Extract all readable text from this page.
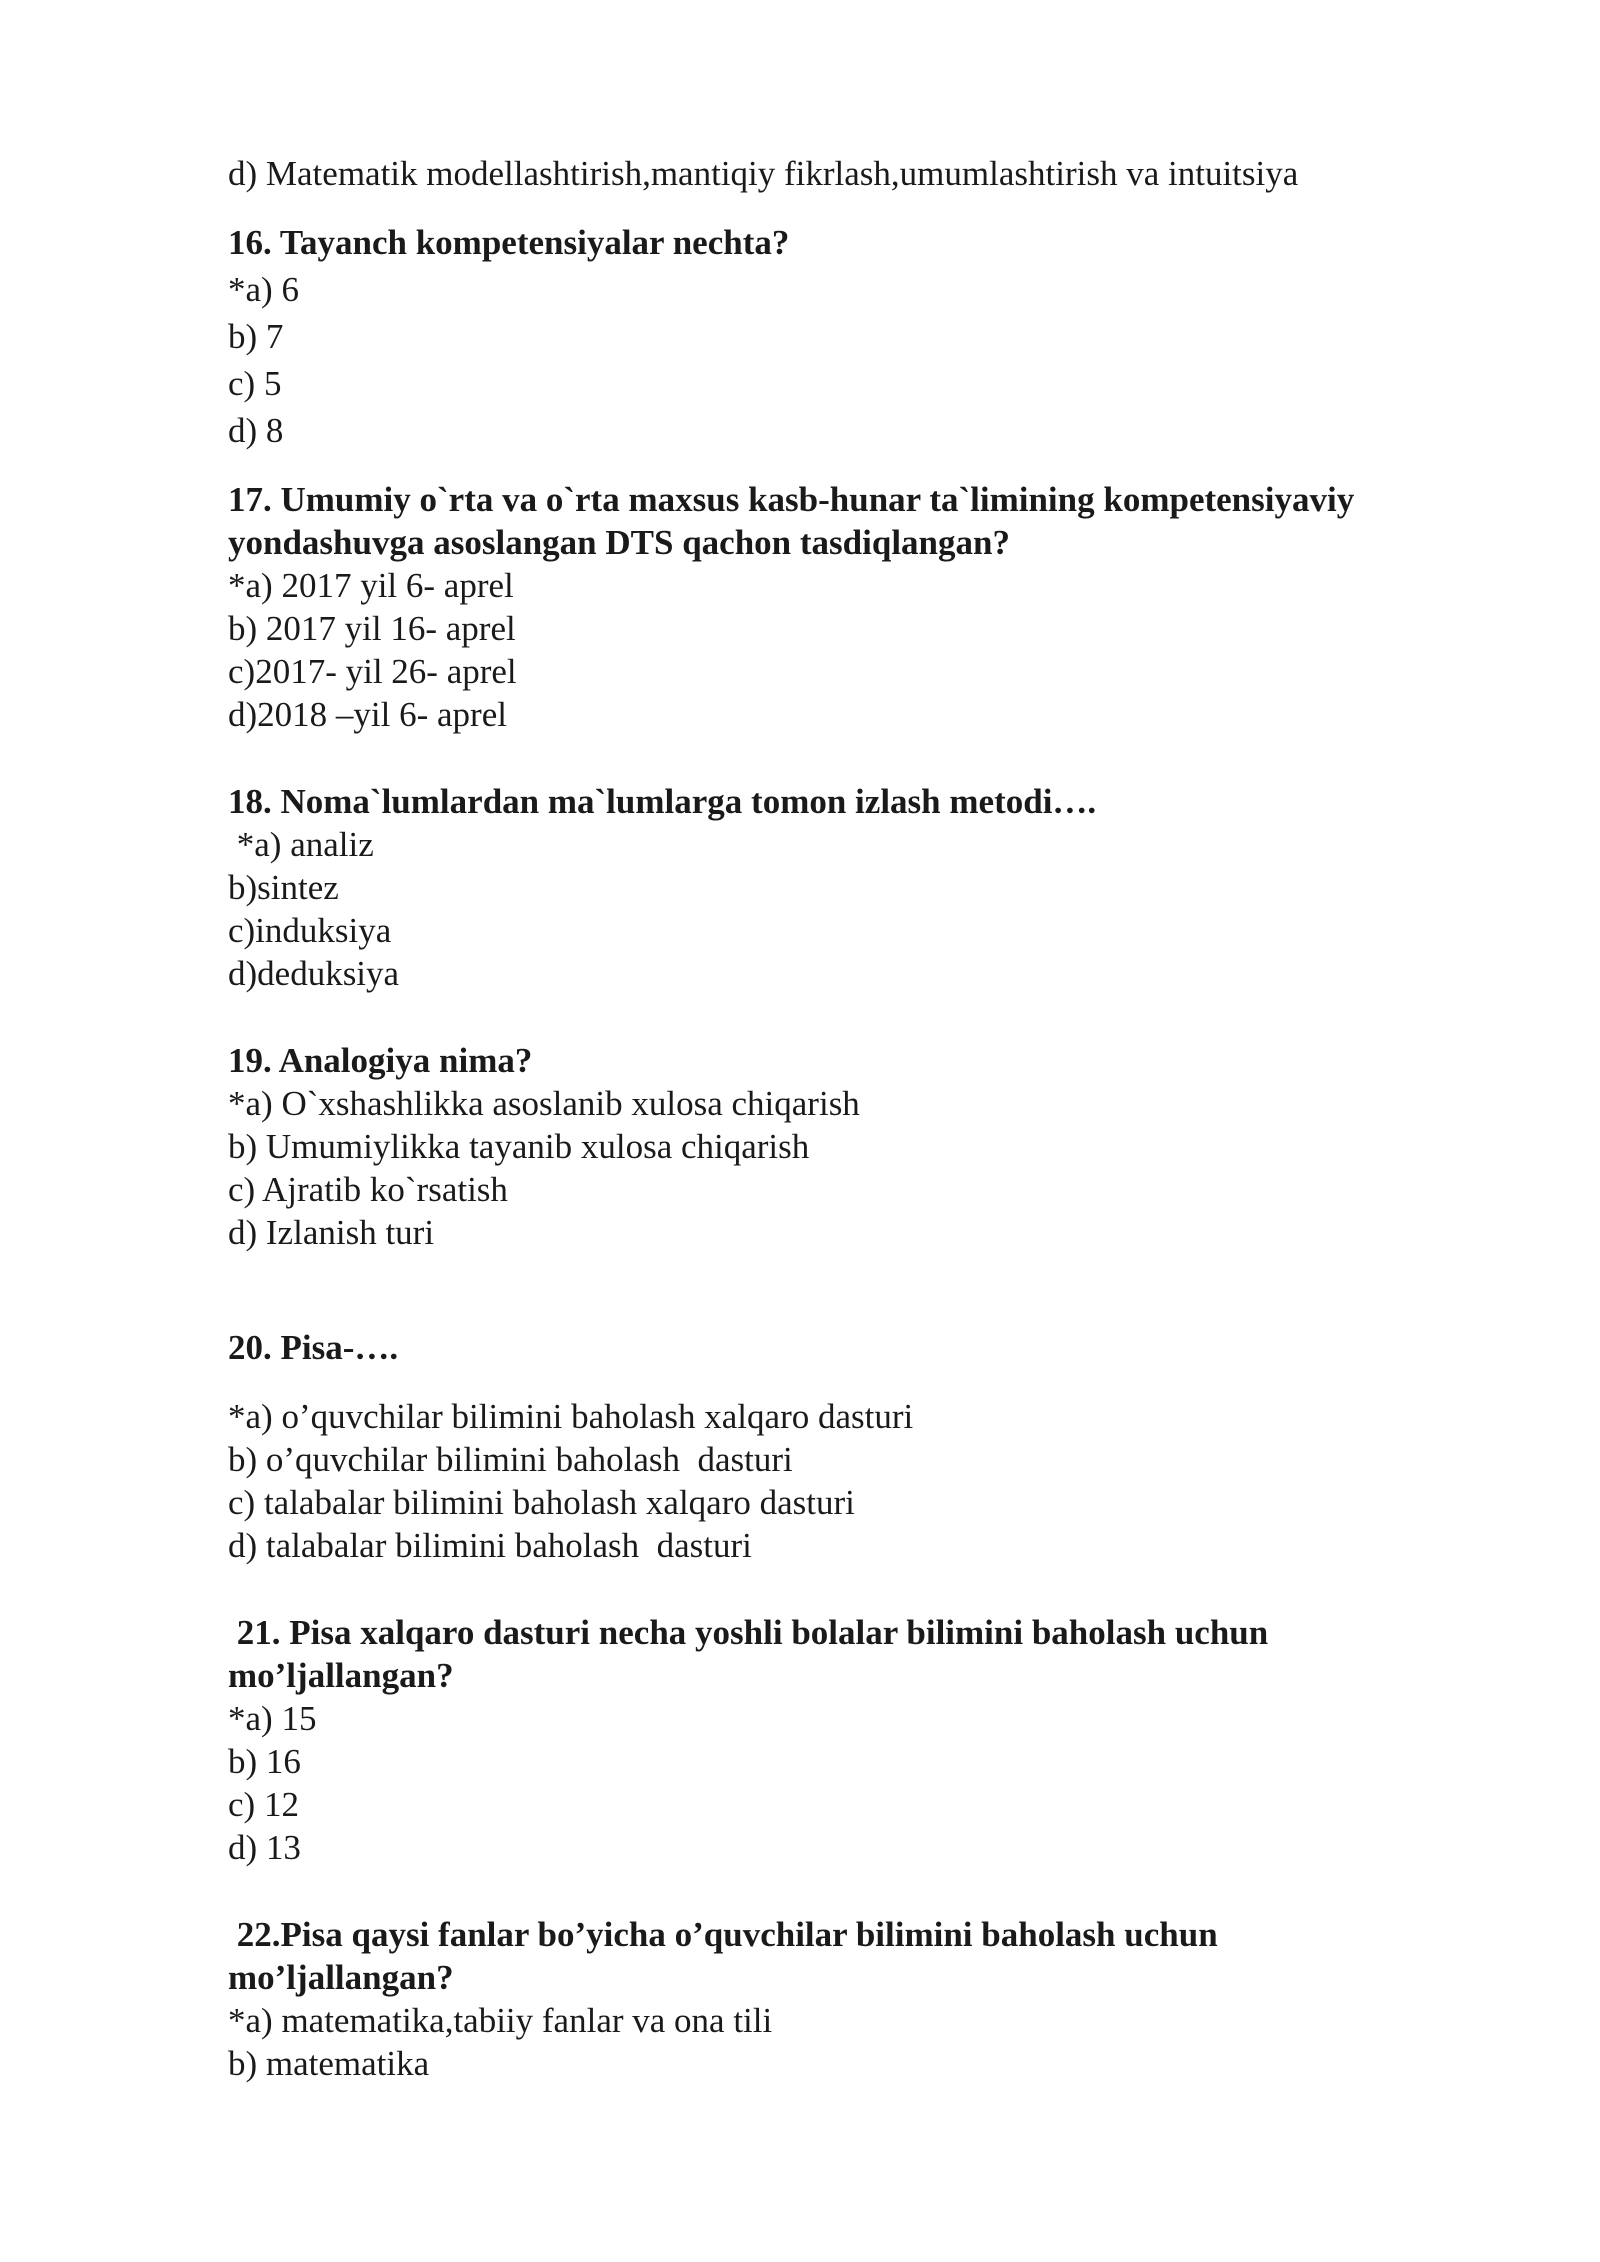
d) Matematik modellashtirish,mantiqiy fikrlash,umumlashtirish va intuitsiya
16. Tayanch kompetensiyalar nechta?
*a) 6
b) 7
c) 5
d) 8
17. Umumiy o`rta va o`rta maxsus kasb-hunar ta`limining kompetensiyaviy
yondashuvga asoslangan DTS qachon tasdiqlangan?
*a) 2017 yil 6- aprel
b) 2017 yil 16- aprel
c)2017- yil 26- aprel
d)2018 –yil 6- aprel
18. Noma`lumlardan ma`lumlarga tomon izlash metodi….
*a) analiz
b)sintez
c)induksiya
d)deduksiya
19. Analogiya nima?
*a) O`xshashlikka asoslanib xulosa chiqarish
b) Umumiylikka tayanib xulosa chiqarish
c) Ajratib ko`rsatish
d) Izlanish turi
20. Pisa-….
*a) o’quvchilar bilimini baholash xalqaro dasturi
b) o’quvchilar bilimini baholash  dasturi
c) talabalar bilimini baholash xalqaro dasturi
d) talabalar bilimini baholash  dasturi
21. Pisa xalqaro dasturi necha yoshli bolalar bilimini baholash uchun
mo’ljallangan?
*a) 15
b) 16
c) 12
d) 13
22.Pisa qaysi fanlar bo’yicha o’quvchilar bilimini baholash uchun
mo’ljallangan?
*a) matematika,tabiiy fanlar va ona tili
b) matematika
